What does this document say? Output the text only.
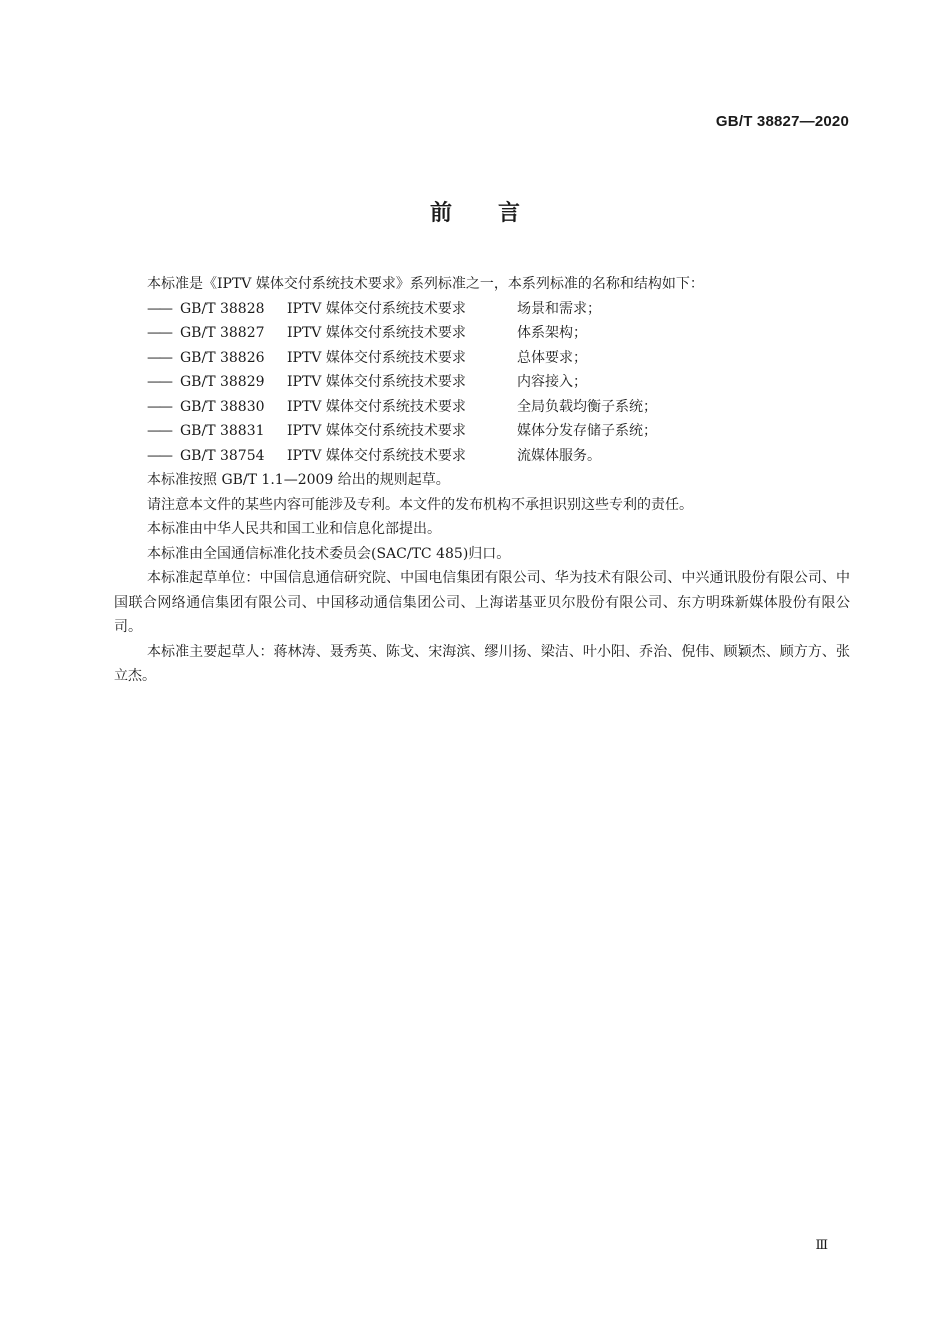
GB/T 38827—2020
前言

本标准是《IPTV 媒体交付系统技术要求》系列标准之一，本系列标准的名称和结构如下：

—— GB/T 38828 IPTV 媒体交付系统技术要求	场景和需求；
—— GB/T 38827 IPTV 媒体交付系统技术要求	体系架构；
—— GB/T 38826 IPTV 媒体交付系统技术要求	总体要求；
—— GB/T 38829 IPTV 媒体交付系统技术要求	内容接入；
—— GB/T 38830 IPTV 媒体交付系统技术要求	全局负载均衡子系统；
—— GB/T 38831 IPTV 媒体交付系统技术要求	媒体分发存储子系统；
—— GB/T 38754 IPTV 媒体交付系统技术要求	流媒体服务。

本标准按照 GB/T 1.1—2009 给出的规则起草。

请注意本文件的某些内容可能涉及专利。本文件的发布机构不承担识别这些专利的责任。

本标准由中华人民共和国工业和信息化部提出。

本标准由全国通信标准化技术委员会(SAC/TC 485)归口。

本标准起草单位：中国信息通信研究院、中国电信集团有限公司、华为技术有限公司、中兴通讯股份有限公司、中国联合网络通信集团有限公司、中国移动通信集团公司、上海诺基亚贝尔股份有限公司、东方明珠新媒体股份有限公司。

本标准主要起草人：蒋林涛、聂秀英、陈戈、宋海滨、缪川扬、梁洁、叶小阳、乔治、倪伟、顾颖杰、顾方方、张立杰。

Ⅲ
